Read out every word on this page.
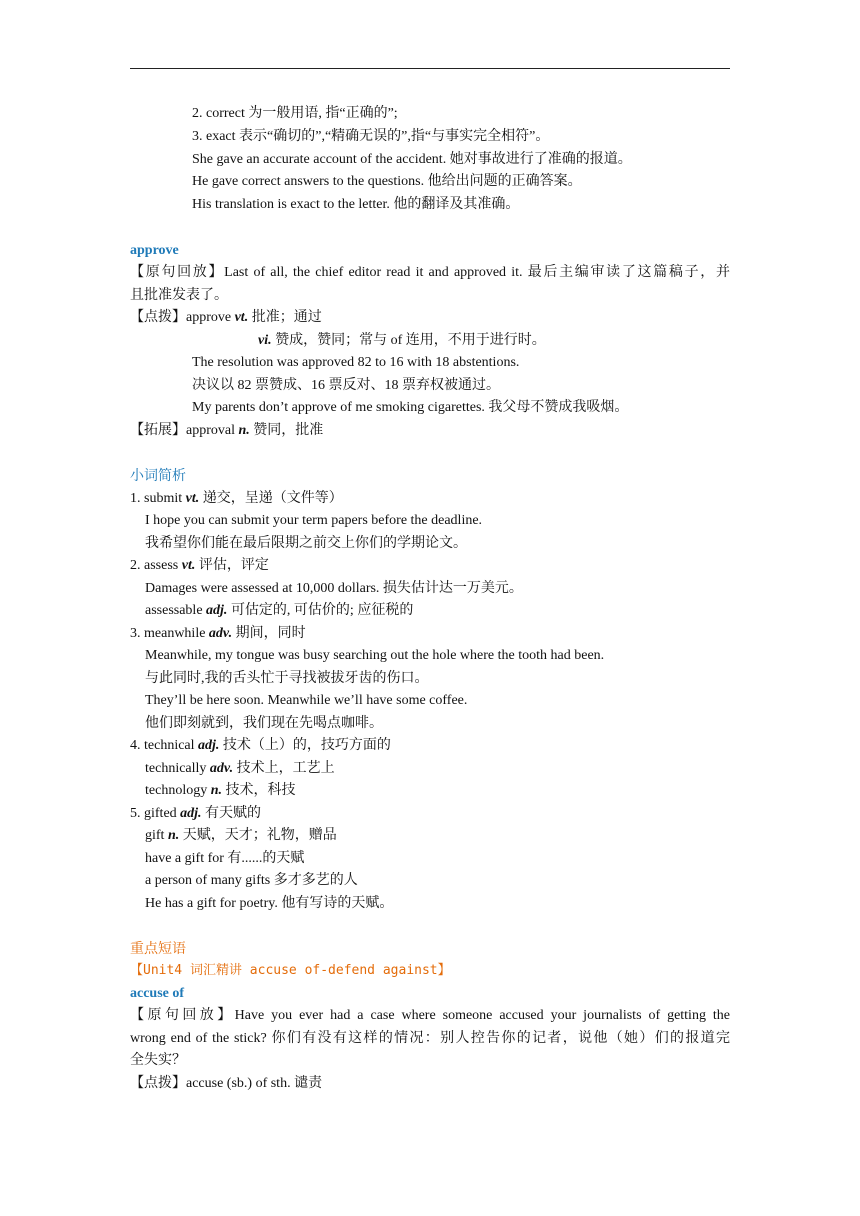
2. correct 为一般用语, 指“正确的”;
3. exact 表示“确切的”,“精确无误的”,指“与事实完全相符”。
She gave an accurate account of the accident. 她对事故进行了准确的报道。
He gave correct answers to the questions. 他给出问题的正确答案。
His translation is exact to the letter. 他的翻译及其准确。
approve
【原句回放】Last of all, the chief editor read it and approved it. 最后主编审读了这篇稿子，并
且批准发表了。
【点拨】approve vt. 批准；通过
vi. 赞成，赞同；常与 of 连用，不用于进行时。
The resolution was approved 82 to 16 with 18 abstentions.
决议以 82 票赞成、16 票反对、18 票弃权被通过。
My parents don’t approve of me smoking cigarettes. 我父母不赞成我吸烟。
【拓展】approval n. 赞同，批准
小词简析
1. submit vt. 递交，呈递（文件等）
I hope you can submit your term papers before the deadline.
我希望你们能在最后限期之前交上你们的学期论文。
2. assess vt. 评估，评定
Damages were assessed at 10,000 dollars. 损失估计达一万美元。
assessable adj. 可估定的, 可估价的; 应征税的
3. meanwhile adv. 期间，同时
Meanwhile, my tongue was busy searching out the hole where the tooth had been.
与此同时,我的舌头忙于寻找被拔牙齿的伤口。
They’ll be here soon. Meanwhile we’ll have some coffee.
他们即刻就到，我们现在先喝点咖啡。
4. technical adj. 技术（上）的，技巧方面的
technically adv. 技术上，工艺上
technology n. 技术，科技
5. gifted adj. 有天赋的
gift n. 天赋，天才；礼物，赠品
have a gift for 有......的天赋
a person of many gifts 多才多艺的人
He has a gift for poetry. 他有写诗的天赋。
重点短语
【Unit4 词汇精讲 accuse of-defend against】
accuse of
【原句回放】Have you ever had a case where someone accused your journalists of getting the
wrong end of the stick? 你们有没有这样的情况：别人控告你的记者，说他（她）们的报道完
全失实？
【点拨】accuse (sb.) of sth. 谴责
